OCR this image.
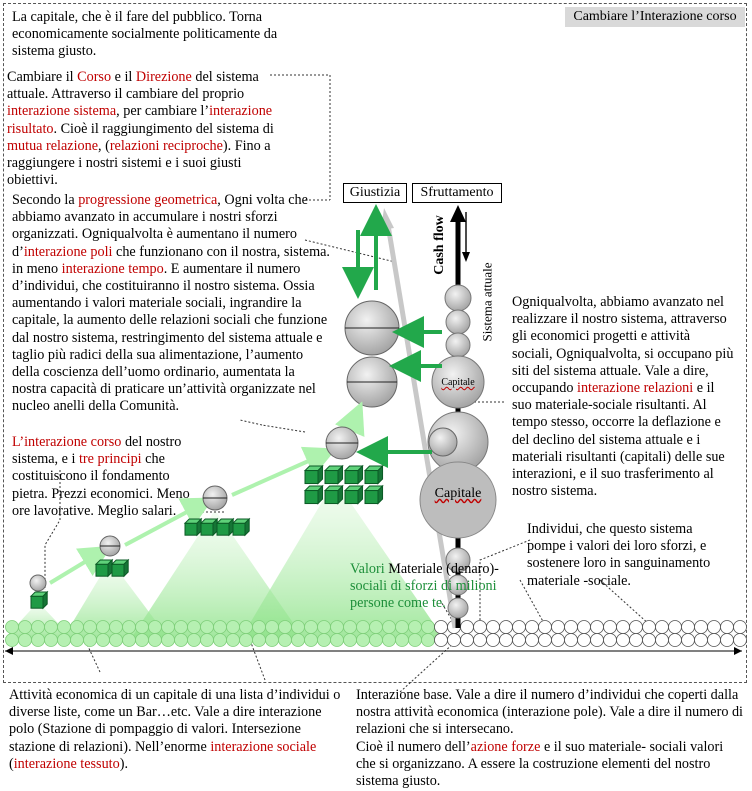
Cambiare l’Interazione corso
Giustizia	Sfruttamento
Cash flow
Sistema attuale
Capitale
Capitale
La capitale, che è il fare del pubblico. Torna economicamente socialmente politicamente da sistema giusto.
Cambiare il Corso e il Direzione del sistema attuale. Attraverso il cambiare del proprio interazione sistema, per cambiare l’interazione risultato. Cioè il raggiungimento del sistema di mutua relazione, (relazioni reciproche). Fino a raggiungere i nostri sistemi e i suoi giusti obiettivi.
Secondo la progressione geometrica, Ogni volta che abbiamo avanzato in accumulare i nostri sforzi organizzati. Ogniqualvolta è aumentano il numero d’interazione poli che funzionano con il nostra, sistema. in meno interazione tempo. E aumentare il numero d’individui, che costituiranno il nostro sistema. Ossia aumentando i valori materiale sociali, ingrandire la capitale, la aumento delle relazioni sociali che funzione dal nostro sistema, restringimento del sistema attuale e taglio più radici della sua alimentazione, l’aumento della coscienza dell’uomo ordinario, aumentata la nostra capacità di praticare un’attività organizzate nel nucleo anelli della Comunità.
L’interazione corso del nostro sistema, e i tre principi che costituiscono il fondamento pietra. Prezzi economici. Meno ore lavorative. Meglio salari.
Ogniqualvolta, abbiamo avanzato nel realizzare il nostro sistema, attraverso gli economici progetti e attività sociali, Ogniqualvolta, si occupano più siti del sistema attuale. Vale a dire, occupando interazione relazioni e il suo materiale-sociale risultanti. Al tempo stesso, occorre la deflazione e del declino del sistema attuale e i materiali risultanti (capitali) delle sue interazioni, e il suo trasferimento al nostro sistema.
Individui, che questo sistema pompe i valori dei loro sforzi, e sostenere loro in sanguinamento materiale -sociale.
Valori Materiale (denaro)-sociali di sforzi di milioni persone come te.
Attività economica di un capitale di una lista d’individui o diverse liste, come un Bar…etc. Vale a dire interazione polo (Stazione di pompaggio di valori. Intersezione stazione di relazioni). Nell’enorme interazione sociale (interazione tessuto).
Interazione base. Vale a dire il numero d’individui che coperti dalla nostra attività economica (interazione pole). Vale a dire il numero di relazioni che si intersecano.
Cioè il numero dell’azione forze e il suo materiale- sociali valori che si organizzano. A essere la costruzione elementi del nostro sistema giusto.
